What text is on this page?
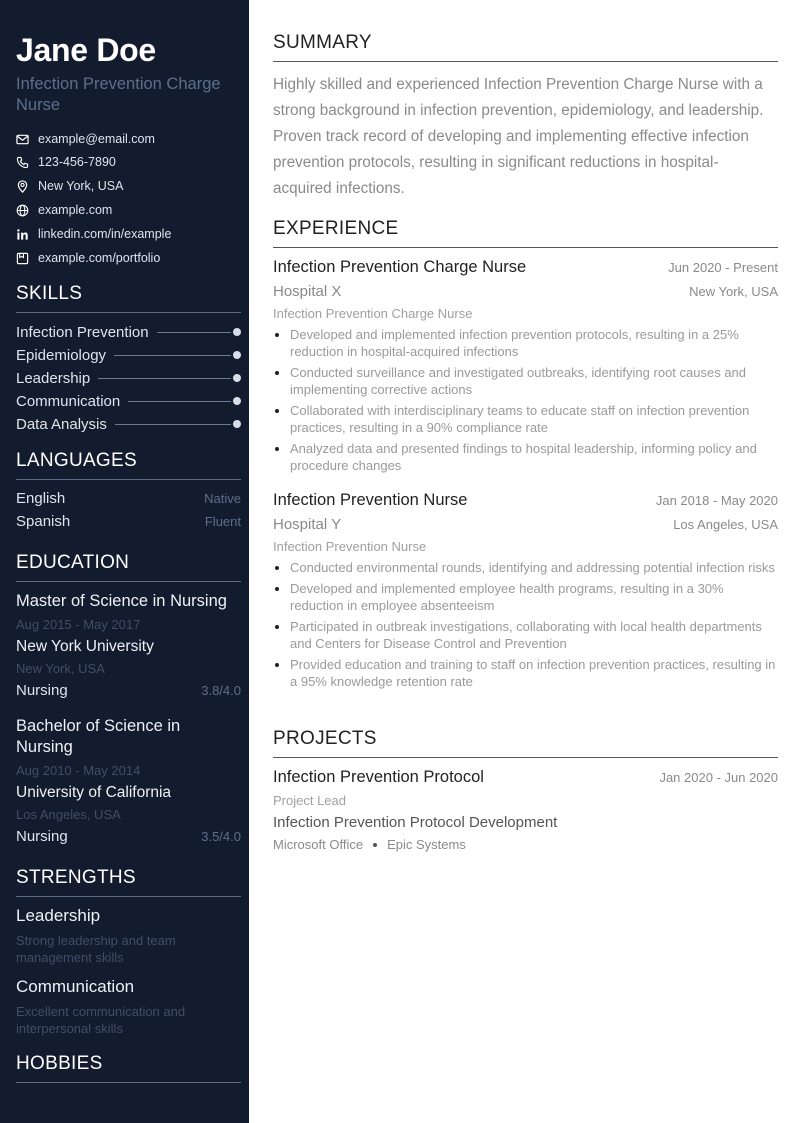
Jane Doe
Infection Prevention Charge Nurse
example@email.com
123-456-7890
New York, USA
example.com
linkedin.com/in/example
example.com/portfolio
SKILLS
Infection Prevention
Epidemiology
Leadership
Communication
Data Analysis
LANGUAGES
English	Native
Spanish	Fluent
EDUCATION
Master of Science in Nursing
Aug 2015 - May 2017
New York University
New York, USA
Nursing	3.8/4.0
Bachelor of Science in Nursing
Aug 2010 - May 2014
University of California
Los Angeles, USA
Nursing	3.5/4.0
STRENGTHS
Leadership
Strong leadership and team management skills
Communication
Excellent communication and interpersonal skills
HOBBIES
SUMMARY
Highly skilled and experienced Infection Prevention Charge Nurse with a strong background in infection prevention, epidemiology, and leadership. Proven track record of developing and implementing effective infection prevention protocols, resulting in significant reductions in hospital-acquired infections.
EXPERIENCE
Infection Prevention Charge Nurse	Jun 2020 - Present
Hospital X	New York, USA
Infection Prevention Charge Nurse
Developed and implemented infection prevention protocols, resulting in a 25% reduction in hospital-acquired infections
Conducted surveillance and investigated outbreaks, identifying root causes and implementing corrective actions
Collaborated with interdisciplinary teams to educate staff on infection prevention practices, resulting in a 90% compliance rate
Analyzed data and presented findings to hospital leadership, informing policy and procedure changes
Infection Prevention Nurse	Jan 2018 - May 2020
Hospital Y	Los Angeles, USA
Infection Prevention Nurse
Conducted environmental rounds, identifying and addressing potential infection risks
Developed and implemented employee health programs, resulting in a 30% reduction in employee absenteeism
Participated in outbreak investigations, collaborating with local health departments and Centers for Disease Control and Prevention
Provided education and training to staff on infection prevention practices, resulting in a 95% knowledge retention rate
PROJECTS
Infection Prevention Protocol	Jan 2020 - Jun 2020
Project Lead
Infection Prevention Protocol Development
Microsoft Office Epic Systems
